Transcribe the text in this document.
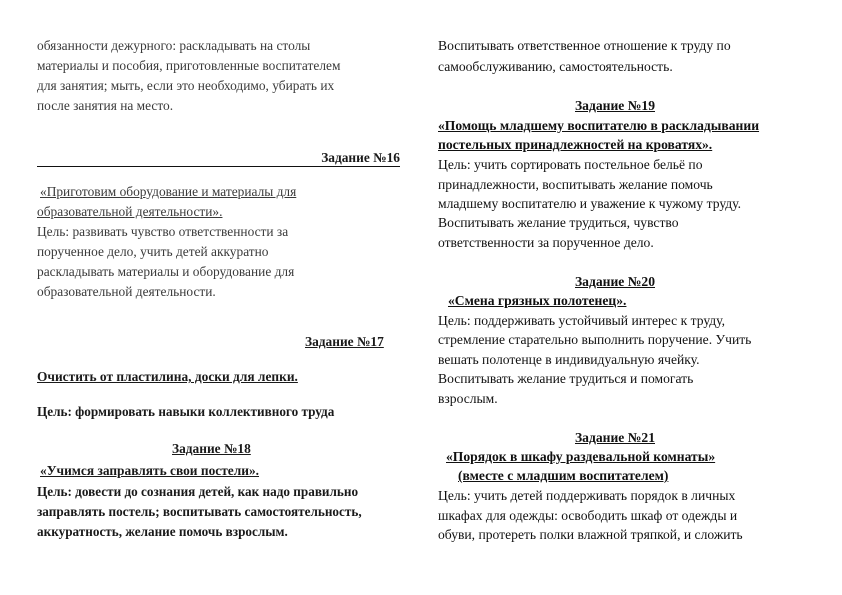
обязанности дежурного: раскладывать на столы
материалы и пособия, приготовленные воспитателем
для занятия; мыть, если это необходимо, убирать их
после занятия на место.
Задание №16
«Приготовим оборудование и материалы для
образовательной деятельности».
Цель: развивать чувство ответственности за
порученное дело, учить детей аккуратно
раскладывать материалы и оборудование для
образовательной деятельности.
Задание №17
Очистить от пластилина, доски для лепки.
Цель: формировать навыки коллективного труда
Задание №18
«Учимся заправлять свои постели».
Цель: довести до сознания детей, как надо правильно
заправлять постель; воспитывать самостоятельность,
аккуратность, желание помочь взрослым.
Воспитывать ответственное отношение к труду по
самообслуживанию, самостоятельность.
Задание №19
«Помощь младшему воспитателю в раскладывании
постельных принадлежностей на кроватях».
Цель: учить сортировать постельное бельё по
принадлежности, воспитывать желание помочь
младшему воспитателю и уважение к чужому труду.
Воспитывать желание трудиться, чувство
ответственности за порученное дело.
Задание №20
«Смена грязных полотенец».
Цель: поддерживать устойчивый интерес к труду,
стремление старательно выполнить поручение. Учить
вешать полотенце в индивидуальную ячейку.
Воспитывать желание трудиться и помогать
взрослым.
Задание №21
«Порядок в шкафу раздевальной комнаты»
(вместе с младшим воспитателем)
Цель: учить детей поддерживать порядок в личных
шкафах для одежды: освободить шкаф от одежды и
обуви, протереть полки влажной тряпкой, и сложить
